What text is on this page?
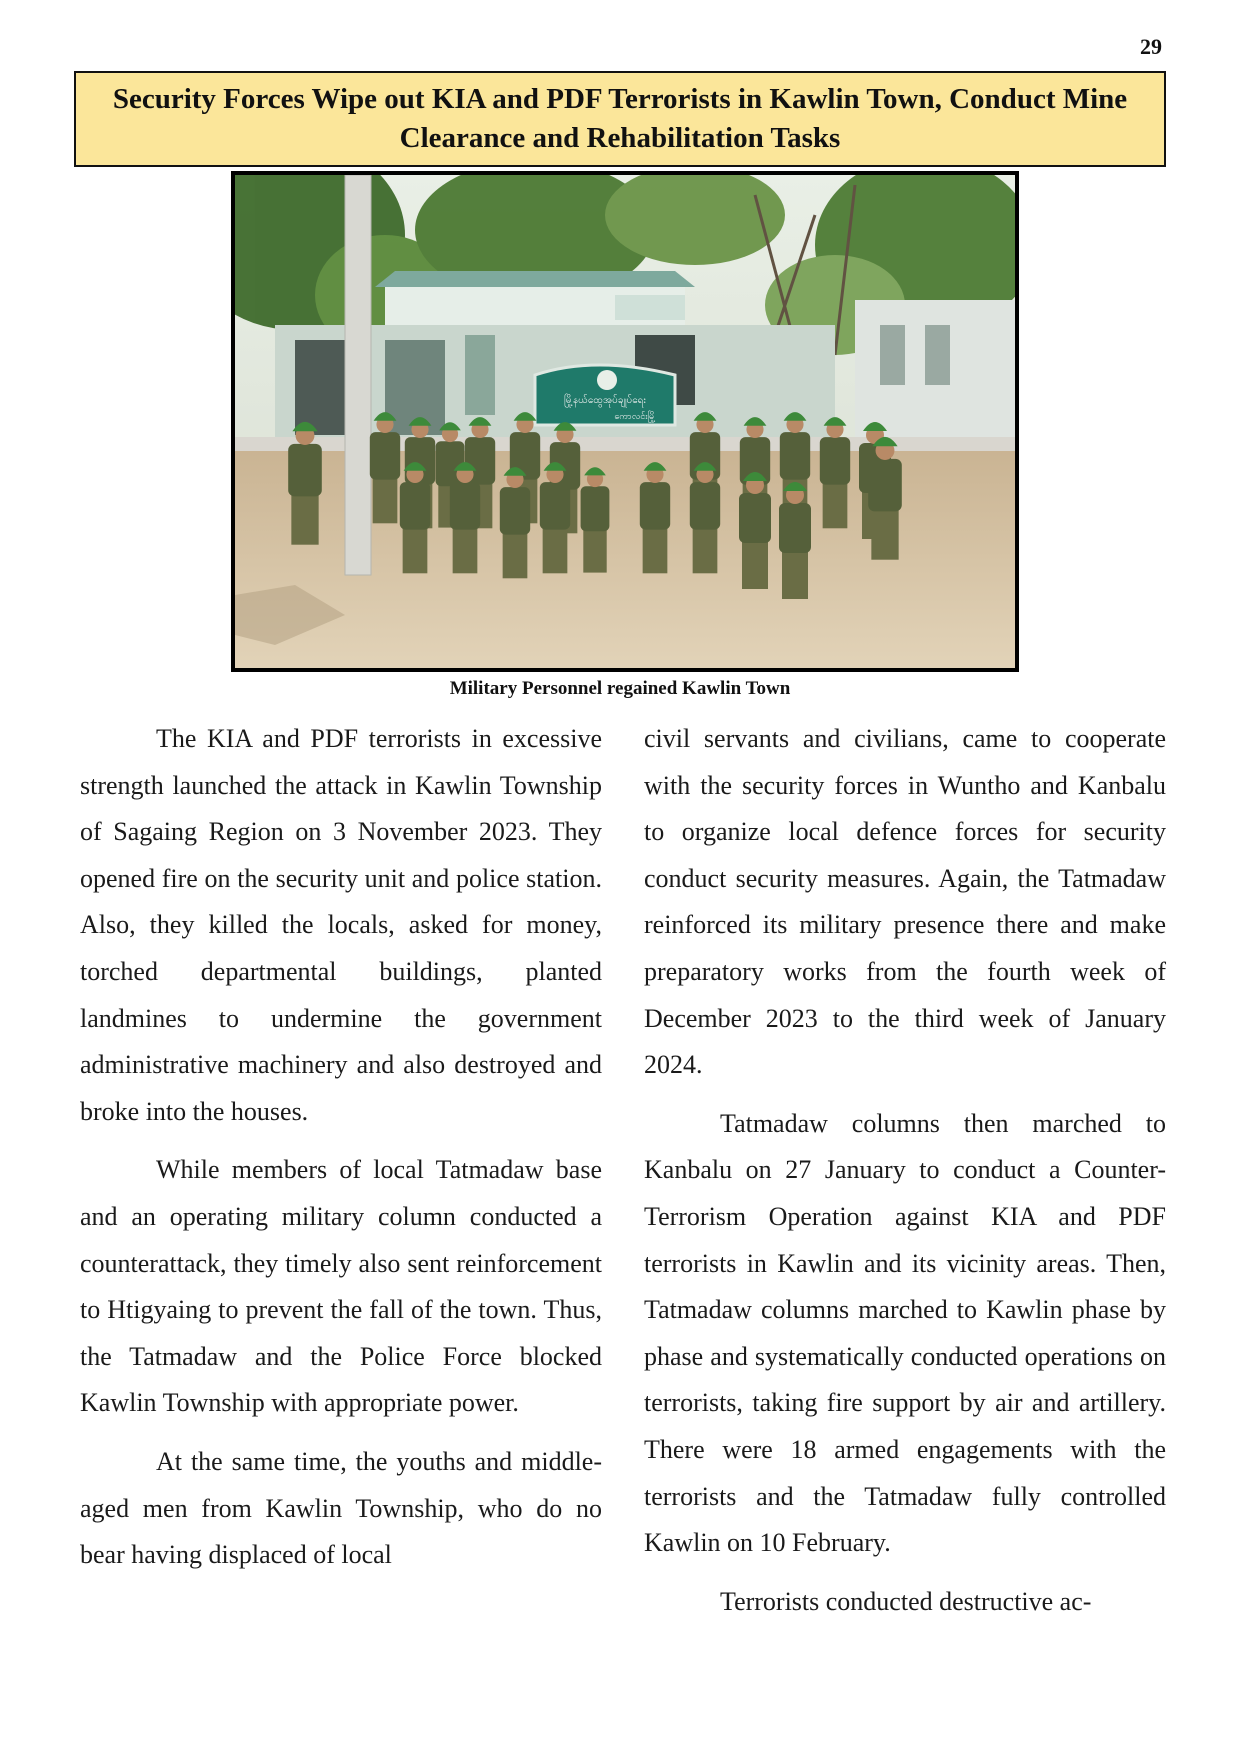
29
Security Forces Wipe out KIA and PDF Terrorists in Kawlin Town, Conduct Mine Clearance and Rehabilitation Tasks
မြို့နယ်ထွေအုပ်ချုပ်ရေး
ကောလင်းမြို့
Military Personnel regained Kawlin Town

The KIA and PDF terrorists in excessive strength launched the attack in Kawlin Township of Sagaing Region on 3 November 2023. They opened fire on the security unit and police station. Also, they killed the locals, asked for money, torched departmental buildings, planted landmines to undermine the government administrative machinery and also destroyed and broke into the houses.

While members of local Tatmadaw base and an operating military column conducted a counterattack, they timely also sent reinforcement to Htigyaing to prevent the fall of the town. Thus, the Tatmadaw and the Police Force blocked Kawlin Township with appropriate power.

At the same time, the youths and middle-aged men from Kawlin Township, who do no bear having displaced of local

civil servants and civilians, came to cooperate with the security forces in Wuntho and Kanbalu to organize local defence forces for security conduct security measures. Again, the Tatmadaw reinforced its military presence there and make preparatory works from the fourth week of December 2023 to the third week of January 2024.

Tatmadaw columns then marched to Kanbalu on 27 January to conduct a Counter-Terrorism Operation against KIA and PDF terrorists in Kawlin and its vicinity areas. Then, Tatmadaw columns marched to Kawlin phase by phase and systematically conducted operations on terrorists, taking fire support by air and artillery. There were 18 armed engagements with the terrorists and the Tatmadaw fully controlled Kawlin on 10 February.

Terrorists conducted destructive ac-
